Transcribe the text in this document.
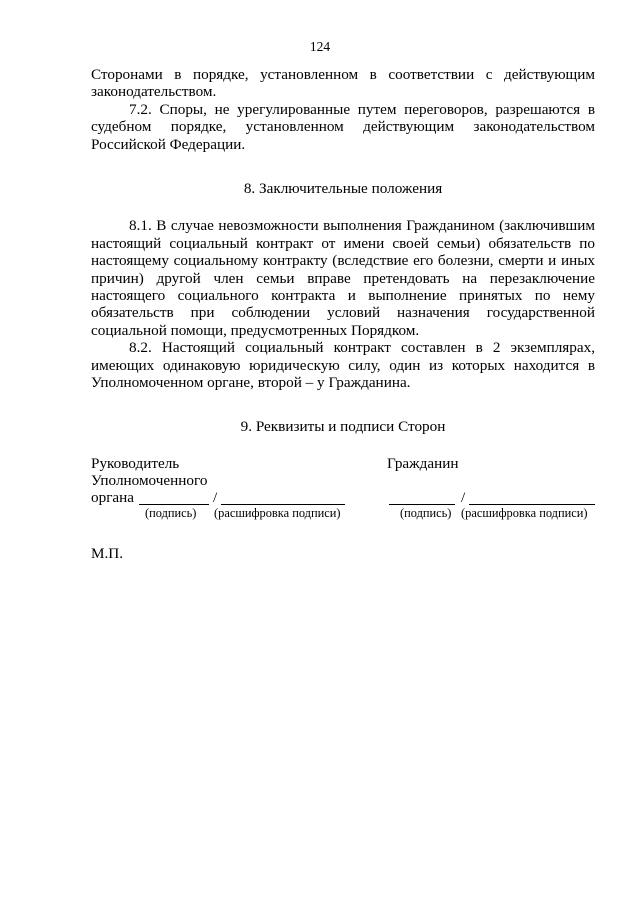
124

Сторонами в порядке, установленном в соответствии с действующим законодательством.

7.2. Споры, не урегулированные путем переговоров, разрешаются в судебном порядке, установленном действующим законодательством Российской Федерации.

8. Заключительные положения

8.1. В случае невозможности выполнения Гражданином (заключившим настоящий социальный контракт от имени своей семьи) обязательств по настоящему социальному контракту (вследствие его болезни, смерти и иных причин) другой член семьи вправе претендовать на перезаключение настоящего социального контракта и выполнение принятых по нему обязательств при соблюдении условий назначения государственной социальной помощи, предусмотренных Порядком.

8.2. Настоящий социальный контракт составлен в 2 экземплярах, имеющих одинаковую юридическую силу, один из которых находится в Уполномоченном органе, второй – у Гражданина.

9. Реквизиты и подписи Сторон

Руководитель
Уполномоченного
органа	/
(подпись) (расшифровка подписи)
Гражданин
/
(подпись) (расшифровка подписи)

М.П.
